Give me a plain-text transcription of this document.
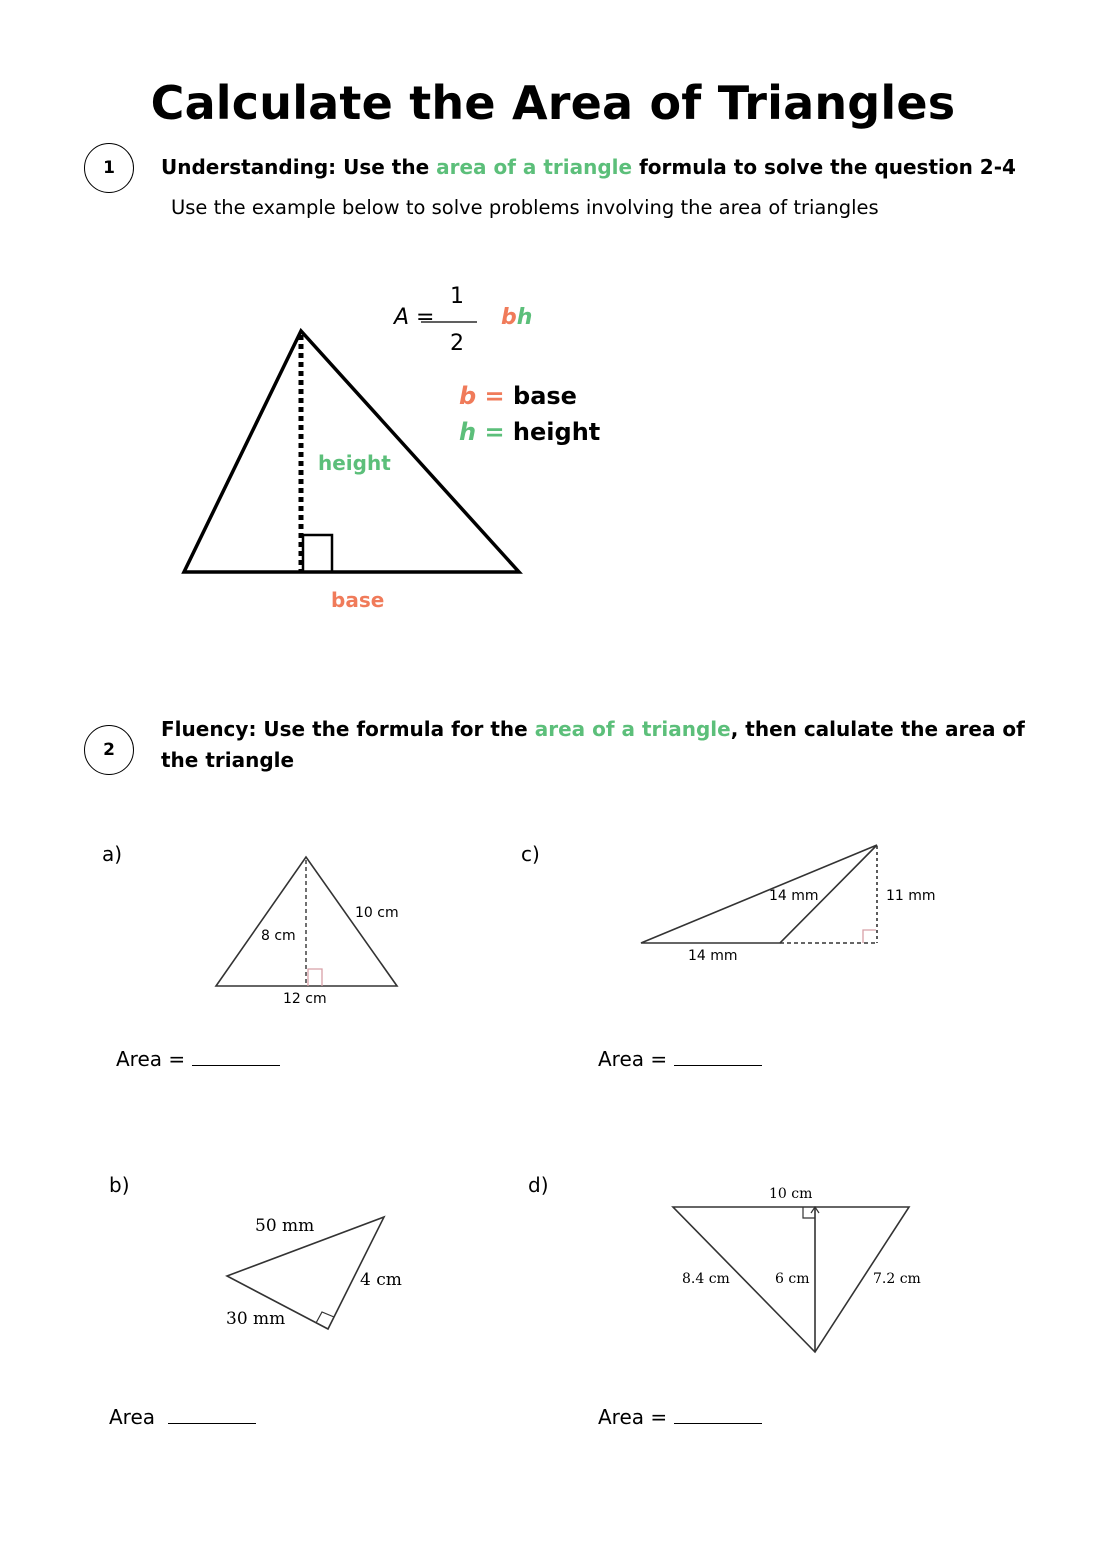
Calculate the Area of Triangles
1	Understanding: Use the area of a triangle formula to solve the question 2-4
Use the example below to solve problems involving the area of triangles
A =
1
2
bh
b = base
h = height
height
base
2
Fluency: Use the formula for the area of a triangle, then calulate the area of
the triangle
a)
8 cm
10 cm
12 cm
Area =
c)
14 mm	11 mm
14 mm
Area =
b)
50 mm
4 cm
30 mm
Area
d)	10 cm
8.4 cm	6 cm	7.2 cm
Area =
